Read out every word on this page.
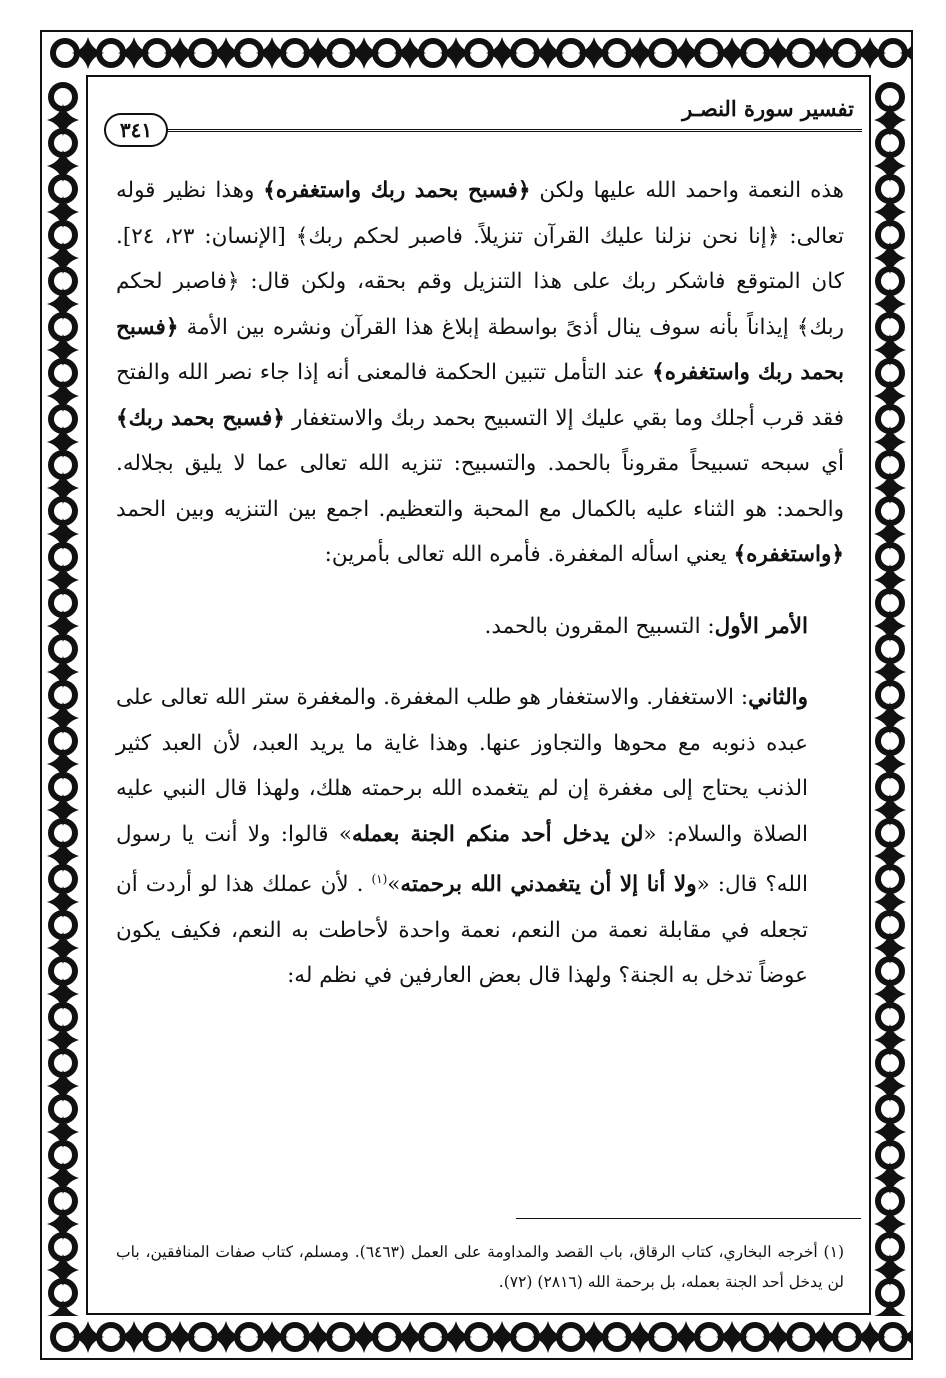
٣٤١
تفسير سورة النصـر

هذه النعمة واحمد الله عليها ولكن ﴿فسبح بحمد ربك واستغفره﴾ وهذا نظير قوله تعالى: ﴿إنا نحن نزلنا عليك القرآن تنزيلاً. فاصبر لحكم ربك﴾ [الإنسان: ٢٣، ٢٤]. كان المتوقع فاشكر ربك على هذا التنزيل وقم بحقه، ولكن قال: ﴿فاصبر لحكم ربك﴾ إيذاناً بأنه سوف ينال أذىً بواسطة إبلاغ هذا القرآن ونشره بين الأمة ﴿فسبح بحمد ربك واستغفره﴾ عند التأمل تتبين الحكمة فالمعنى أنه إذا جاء نصر الله والفتح فقد قرب أجلك وما بقي عليك إلا التسبيح بحمد ربك والاستغفار ﴿فسبح بحمد ربك﴾ أي سبحه تسبيحاً مقروناً بالحمد. والتسبيح: تنزيه الله تعالى عما لا يليق بجلاله. والحمد: هو الثناء عليه بالكمال مع المحبة والتعظيم. اجمع بين التنزيه وبين الحمد ﴿واستغفره﴾ يعني اسأله المغفرة. فأمره الله تعالى بأمرين:

الأمر الأول: التسبيح المقرون بالحمد.

والثاني: الاستغفار. والاستغفار هو طلب المغفرة. والمغفرة ستر الله تعالى على عبده ذنوبه مع محوها والتجاوز عنها. وهذا غاية ما يريد العبد، لأن العبد كثير الذنب يحتاج إلى مغفرة إن لم يتغمده الله برحمته هلك، ولهذا قال النبي عليه الصلاة والسلام: «لن يدخل أحد منكم الجنة بعمله» قالوا: ولا أنت يا رسول الله؟ قال: «ولا أنا إلا أن يتغمدني الله برحمته»$^{(١)}$ . لأن عملك هذا لو أردت أن تجعله في مقابلة نعمة من النعم، نعمة واحدة لأحاطت به النعم، فكيف يكون عوضاً تدخل به الجنة؟ ولهذا قال بعض العارفين في نظم له:

(١) أخرجه البخاري، كتاب الرقاق، باب القصد والمداومة على العمل (٦٤٦٣). ومسلم، كتاب صفات المنافقين، باب لن يدخل أحد الجنة بعمله، بل برحمة الله (٢٨١٦) (٧٢).
